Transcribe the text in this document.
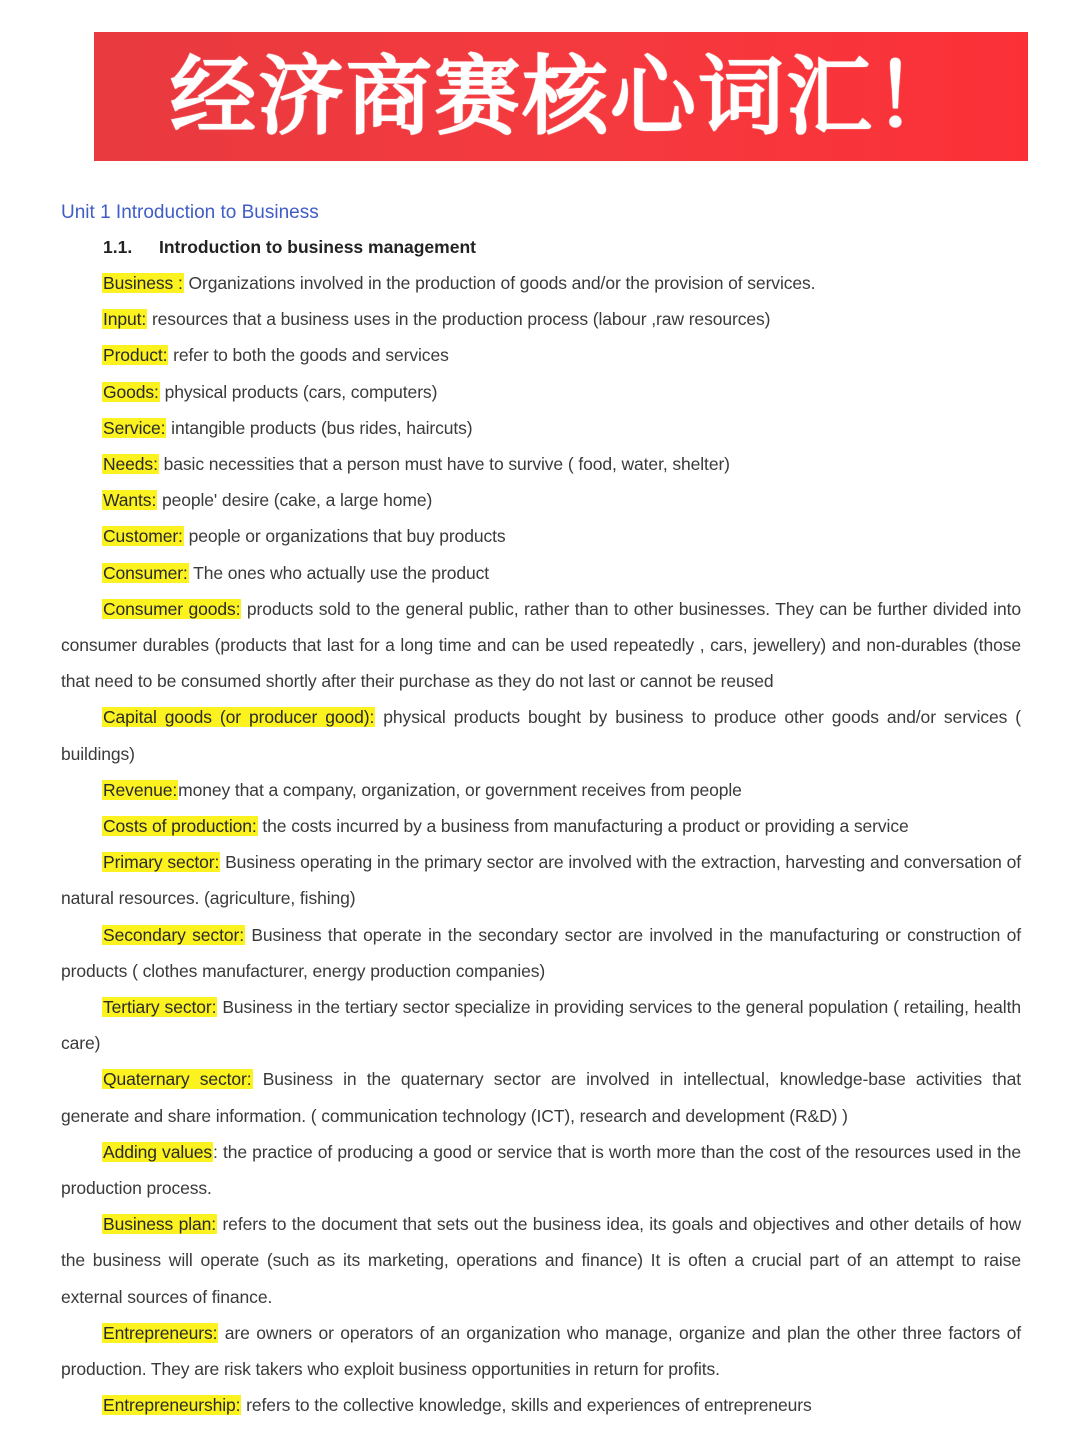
经济商赛核心词汇！
Unit 1 Introduction to Business
1.1. Introduction to business management

Business : Organizations involved in the production of goods and/or the provision of services.

Input: resources that a business uses in the production process (labour ,raw resources)

Product: refer to both the goods and services

Goods: physical products (cars, computers)

Service: intangible products (bus rides, haircuts)

Needs: basic necessities that a person must have to survive ( food, water, shelter)

Wants: people' desire (cake, a large home)

Customer: people or organizations that buy products

Consumer: The ones who actually use the product

Consumer goods: products sold to the general public, rather than to other businesses. They can be further divided into consumer durables (products that last for a long time and can be used repeatedly , cars, jewellery) and non-durables (those that need to be consumed shortly after their purchase as they do not last or cannot be reused

Capital goods (or producer good): physical products bought by business to produce other goods and/or services ( buildings)

Revenue:money that a company, organization, or government receives from people

Costs of production: the costs incurred by a business from manufacturing a product or providing a service

Primary sector: Business operating in the primary sector are involved with the extraction, harvesting and conversation of natural resources. (agriculture, fishing)

Secondary sector: Business that operate in the secondary sector are involved in the manufacturing or construction of products ( clothes manufacturer, energy production companies)

Tertiary sector: Business in the tertiary sector specialize in providing services to the general population ( retailing, health care)

Quaternary sector: Business in the quaternary sector are involved in intellectual, knowledge-base activities that generate and share information. ( communication technology (ICT), research and development (R&D) )

Adding values: the practice of producing a good or service that is worth more than the cost of the resources used in the production process.

Business plan: refers to the document that sets out the business idea, its goals and objectives and other details of how the business will operate (such as its marketing, operations and finance) It is often a crucial part of an attempt to raise external sources of finance.

Entrepreneurs: are owners or operators of an organization who manage, organize and plan the other three factors of production. They are risk takers who exploit business opportunities in return for profits.

Entrepreneurship: refers to the collective knowledge, skills and experiences of entrepreneurs
